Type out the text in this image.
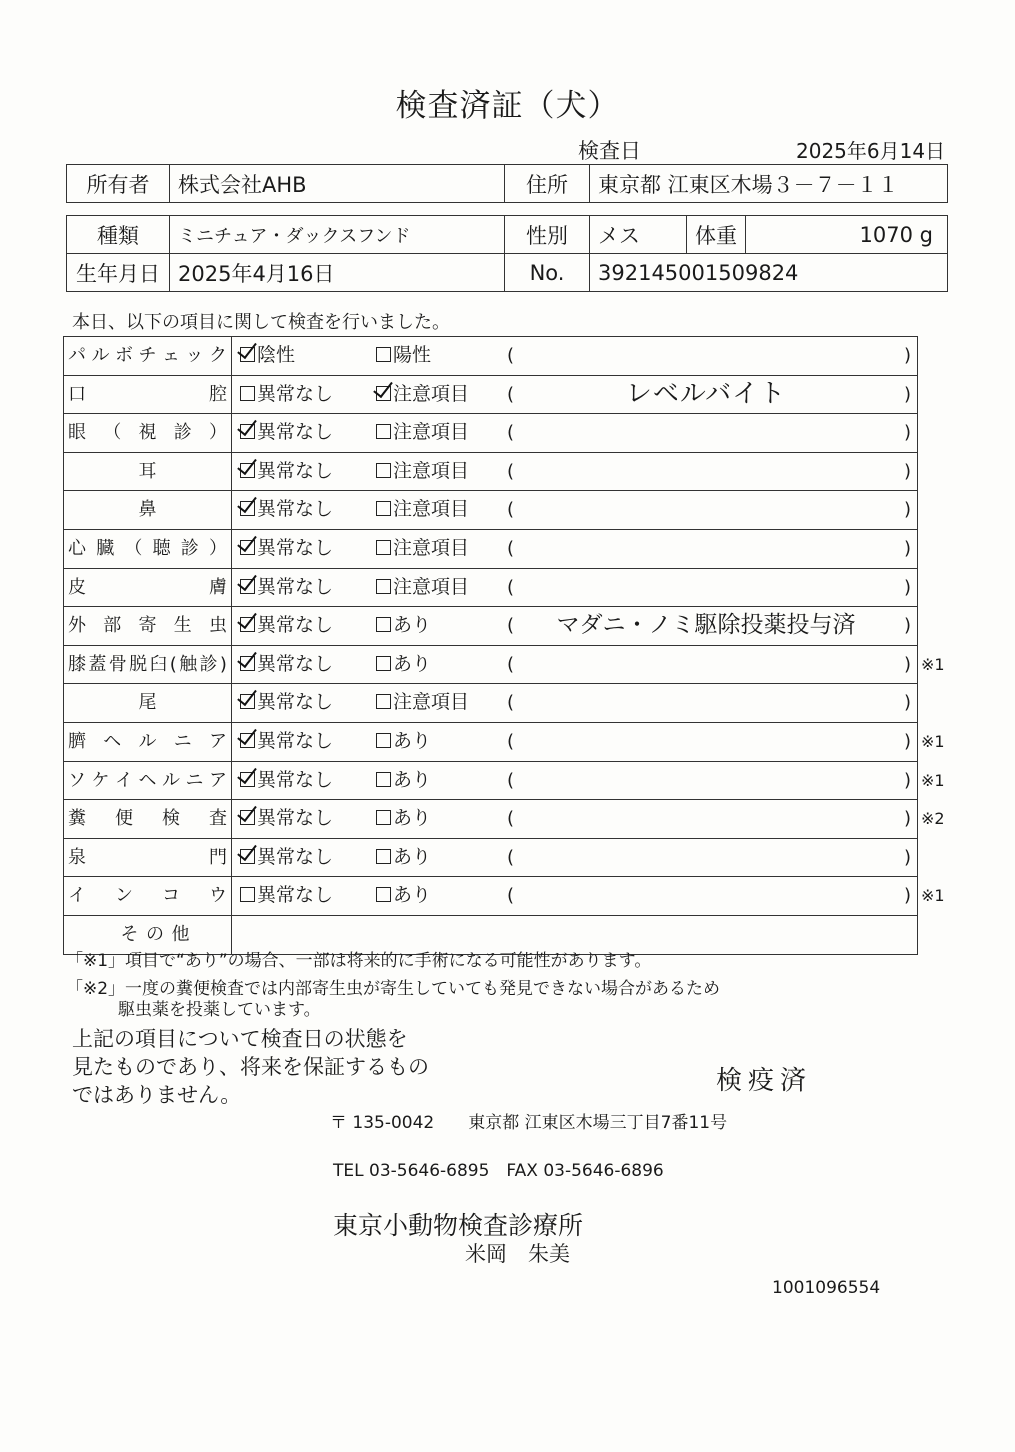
検査済証（犬）
検査日	2025年6月14日
所有者	株式会社AHB	住所	東京都 江東区木場３－７－１１
種類	ミニチュア・ダックスフンド	性別	メス	体重	1070 g
生年月日	2025年4月16日	No.	392145001509824		
本日、以下の項目に関して検査を行いました。
パ ル ボ チ ェ ッ ク	陰性	陽性	(	)
口	腔	異常なし	注意項目 (	レベルバイト	)
眼 （ 視 診 ）	異常なし	注意項目 (	)
耳	異常なし	注意項目 (	)
鼻	異常なし	注意項目 (	)
心 臓 （ 聴 診 ）	異常なし	注意項目 (	)
皮	膚	異常なし	注意項目 (	)
外 部 寄 生 虫	異常なし	あり	(	マダニ・ノミ駆除投薬投与済	)
膝 蓋 骨 脱 臼 ( 触 診 )	異常なし	あり	(	) ※1
尾	異常なし	注意項目 (	)
臍 ヘ ル ニ ア	異常なし	あり	(	) ※1
ソ ケ イ ヘ ル ニ ア	異常なし	あり	(	) ※1
糞 便 検 査	異常なし	あり	(	) ※2
泉	門	異常なし	あり	(	)
イ ン コ ウ	異常なし	あり	(	) ※1
そ の 他
「※1」項目で“あり”の場合、一部は将来的に手術になる可能性があります。
「※2」一度の糞便検査では内部寄生虫が寄生していても発見できない場合があるため
駆虫薬を投薬しています。
上記の項目について検査日の状態を
見たものであり、将来を保証するもの
ではありません。	検疫済
〒 135-0042　　東京都 江東区木場三丁目7番11号
TEL 03-5646-6895　FAX 03-5646-6896
東京小動物検査診療所
米岡　朱美
1001096554
